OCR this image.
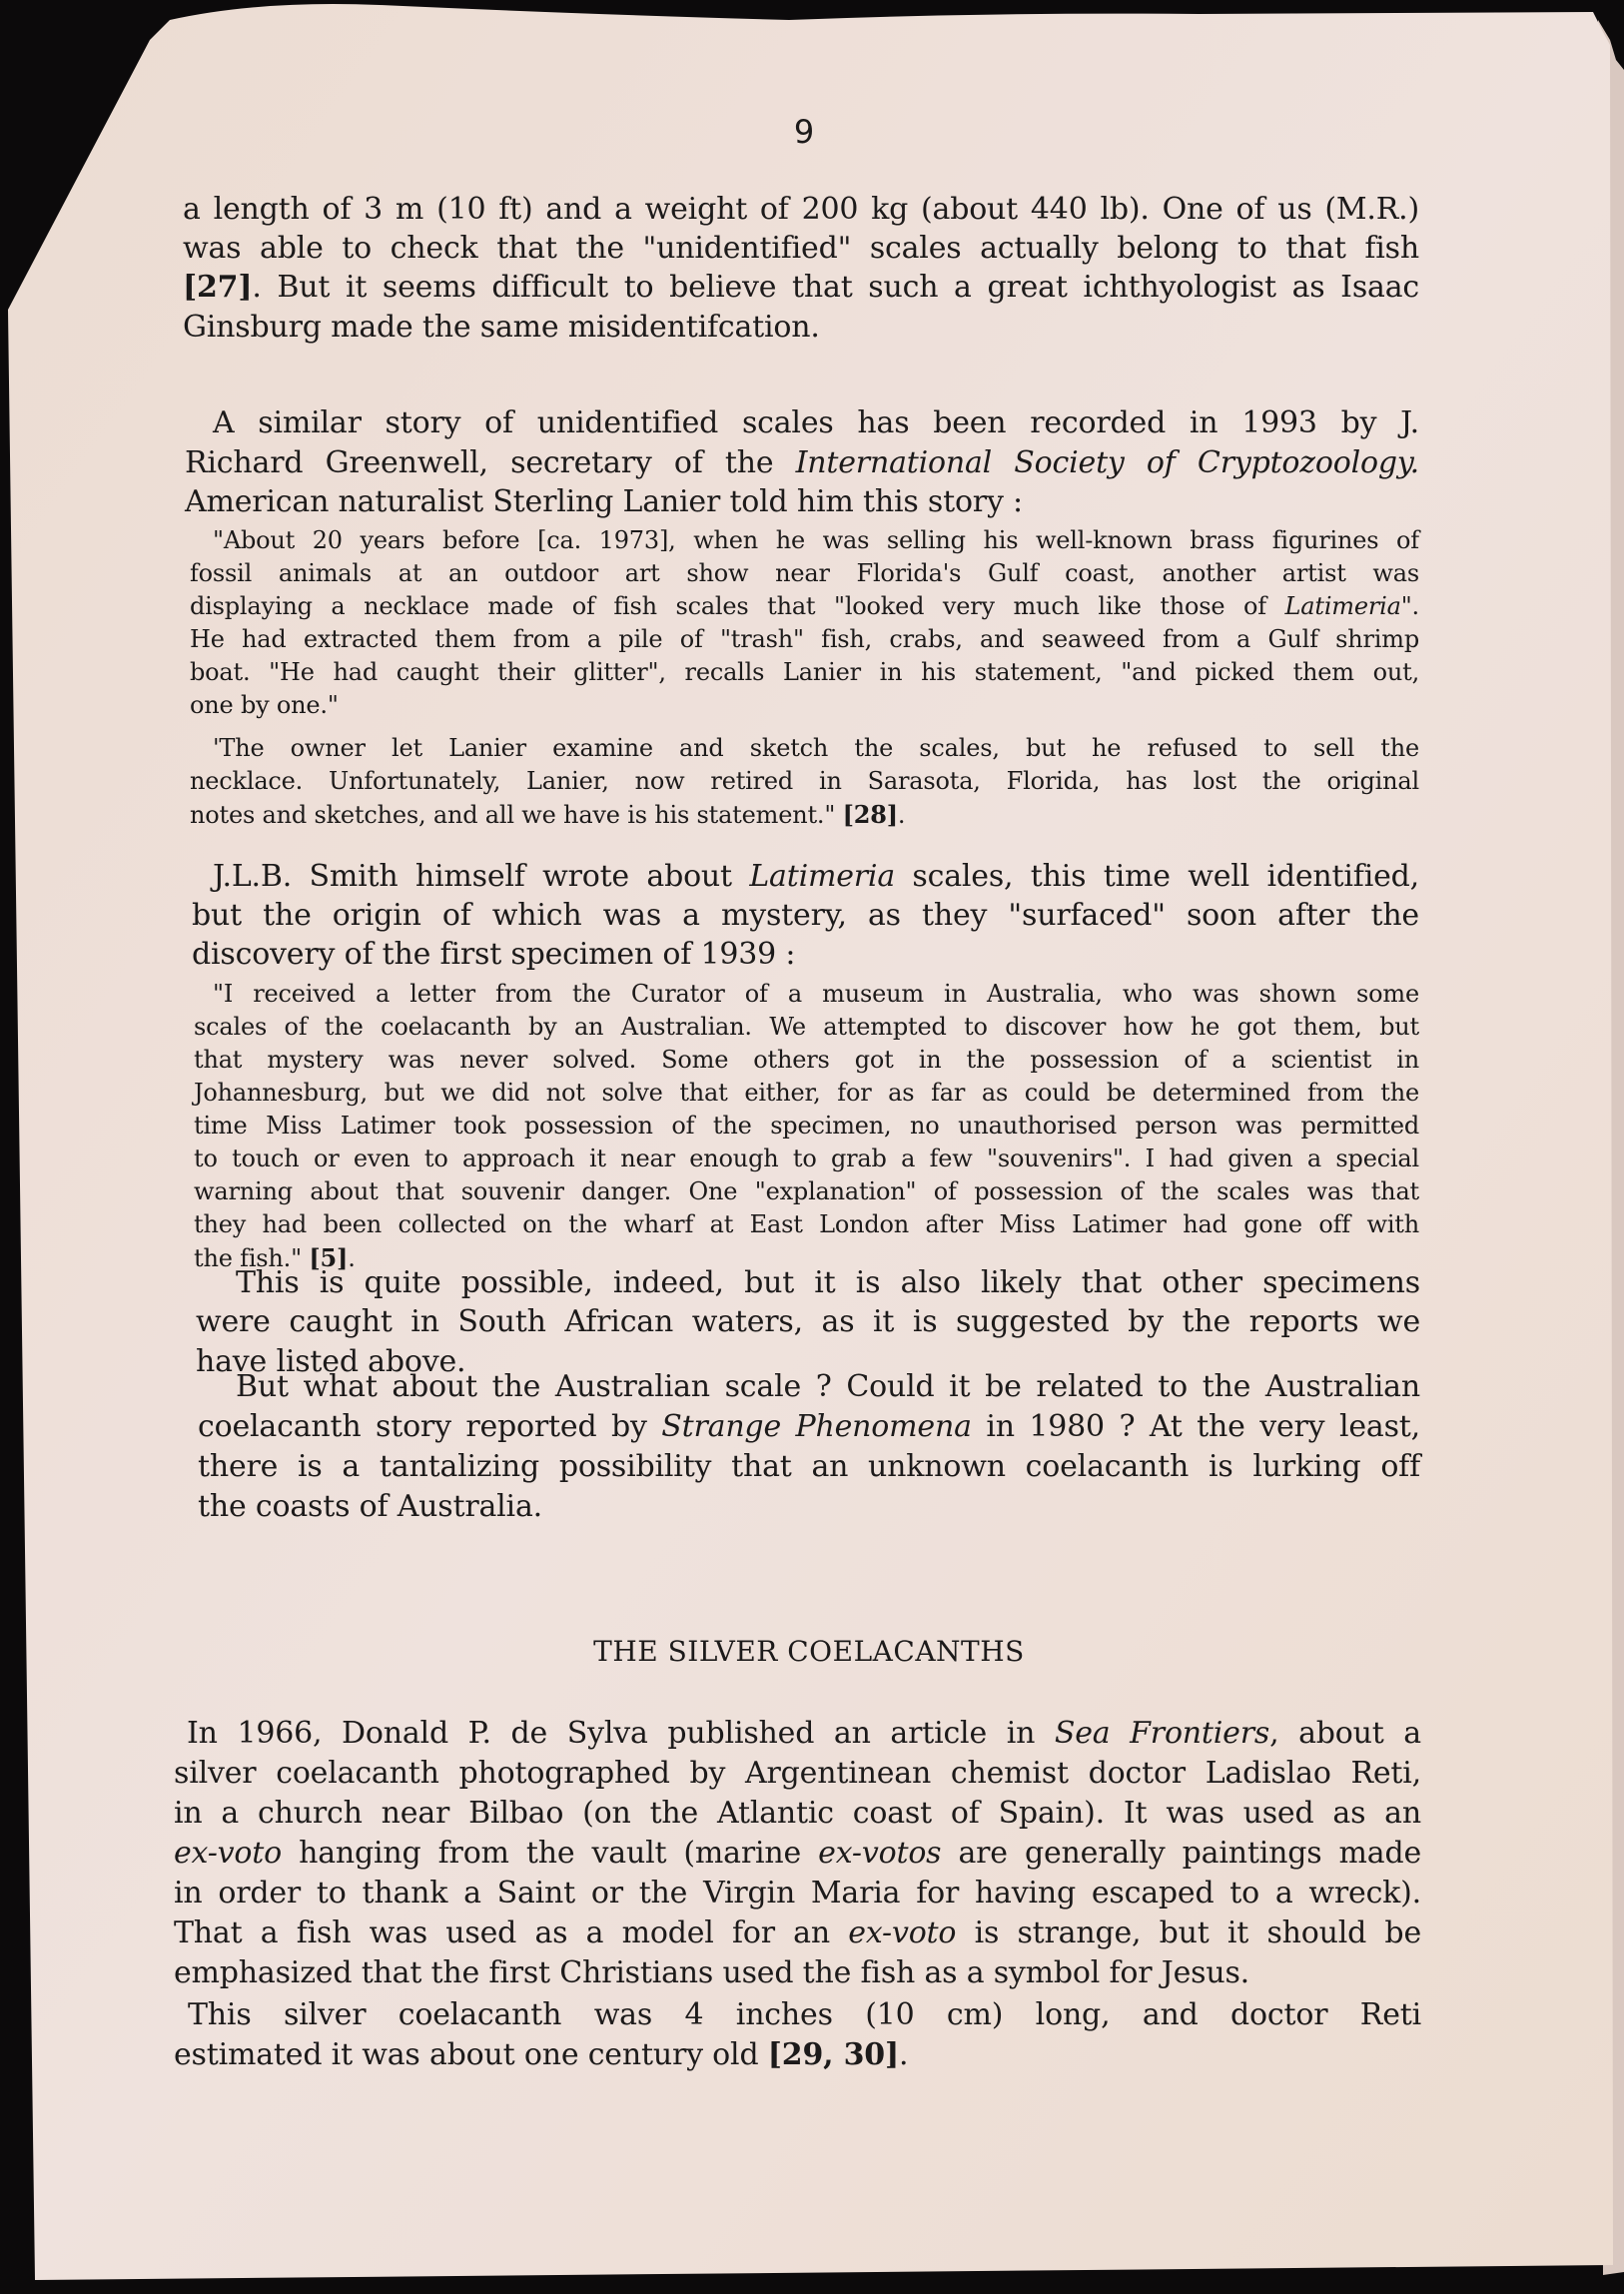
9
a length of 3 m (10 ft) and a weight of 200 kg (about 440 lb). One of us (M.R.)
was able to check that the "unidentified" scales actually belong to that fish
[27]. But it seems difficult to believe that such a great ichthyologist as Isaac
Ginsburg made the same misidentifcation.
A similar story of unidentified scales has been recorded in 1993 by J.
Richard Greenwell, secretary of the International Society of Cryptozoology.
American naturalist Sterling Lanier told him this story :
"About 20 years before [ca. 1973], when he was selling his well-known brass figurines of
fossil animals at an outdoor art show near Florida's Gulf coast, another artist was
displaying a necklace made of fish scales that "looked very much like those of Latimeria".
He had extracted them from a pile of "trash" fish, crabs, and seaweed from a Gulf shrimp
boat. "He had caught their glitter", recalls Lanier in his statement, "and picked them out,
one by one."
'The owner let Lanier examine and sketch the scales, but he refused to sell the
necklace. Unfortunately, Lanier, now retired in Sarasota, Florida, has lost the original
notes and sketches, and all we have is his statement." [28].
J.L.B. Smith himself wrote about Latimeria scales, this time well identified,
but the origin of which was a mystery, as they "surfaced" soon after the
discovery of the first specimen of 1939 :
"I received a letter from the Curator of a museum in Australia, who was shown some
scales of the coelacanth by an Australian. We attempted to discover how he got them, but
that mystery was never solved. Some others got in the possession of a scientist in
Johannesburg, but we did not solve that either, for as far as could be determined from the
time Miss Latimer took possession of the specimen, no unauthorised person was permitted
to touch or even to approach it near enough to grab a few "souvenirs". I had given a special
warning about that souvenir danger. One "explanation" of possession of the scales was that
they had been collected on the wharf at East London after Miss Latimer had gone off with
the fish." [5].
This is quite possible, indeed, but it is also likely that other specimens
were caught in South African waters, as it is suggested by the reports we
have listed above.
But what about the Australian scale ? Could it be related to the Australian
coelacanth story reported by Strange Phenomena in 1980 ? At the very least,
there is a tantalizing possibility that an unknown coelacanth is lurking off
the coasts of Australia.
THE SILVER COELACANTHS
In 1966, Donald P. de Sylva published an article in Sea Frontiers, about a
silver coelacanth photographed by Argentinean chemist doctor Ladislao Reti,
in a church near Bilbao (on the Atlantic coast of Spain). It was used as an
ex-voto hanging from the vault (marine ex-votos are generally paintings made
in order to thank a Saint or the Virgin Maria for having escaped to a wreck).
That a fish was used as a model for an ex-voto is strange, but it should be
emphasized that the first Christians used the fish as a symbol for Jesus.
This silver coelacanth was 4 inches (10 cm) long, and doctor Reti
estimated it was about one century old [29, 30].
